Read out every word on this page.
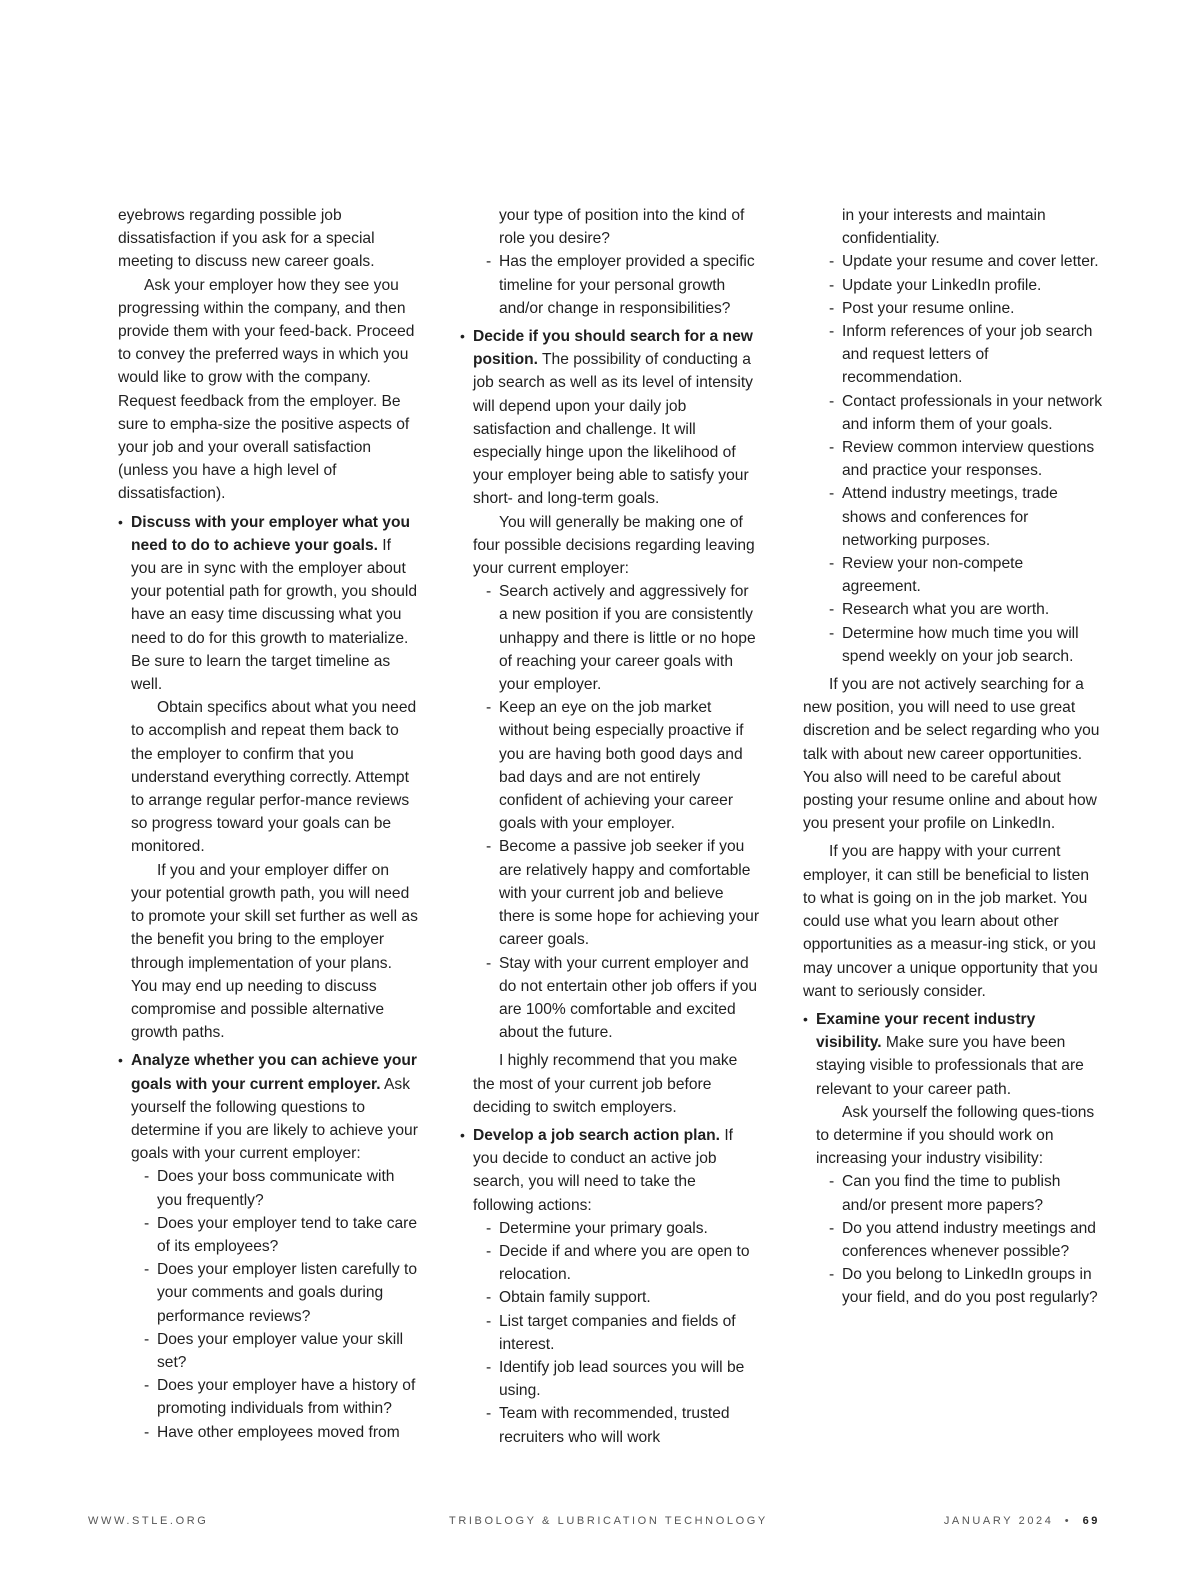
eyebrows regarding possible job dissatisfaction if you ask for a special meeting to discuss new career goals.

Ask your employer how they see you progressing within the company, and then provide them with your feed-back. Proceed to convey the preferred ways in which you would like to grow with the company. Request feedback from the employer. Be sure to empha-size the positive aspects of your job and your overall satisfaction (unless you have a high level of dissatisfaction).

• Discuss with your employer what you need to do to achieve your goals. If you are in sync with the employer about your potential path for growth, you should have an easy time discussing what you need to do for this growth to materialize. Be sure to learn the target timeline as well.

Obtain specifics about what you need to accomplish and repeat them back to the employer to confirm that you understand everything correctly. Attempt to arrange regular perfor-mance reviews so progress toward your goals can be monitored.

If you and your employer differ on your potential growth path, you will need to promote your skill set further as well as the benefit you bring to the employer through implementation of your plans. You may end up needing to discuss compromise and possible alternative growth paths.

• Analyze whether you can achieve your goals with your current employer. Ask yourself the following questions to determine if you are likely to achieve your goals with your current employer:
- Does your boss communicate with you frequently?
- Does your employer tend to take care of its employees?
- Does your employer listen carefully to your comments and goals during performance reviews?
- Does your employer value your skill set?
- Does your employer have a history of promoting individuals from within?
- Have other employees moved from
your type of position into the kind of role you desire?
- Has the employer provided a specific timeline for your personal growth and/or change in responsibilities?
• Decide if you should search for a new position. The possibility of conducting a job search as well as its level of intensity will depend upon your daily job satisfaction and challenge. It will especially hinge upon the likelihood of your employer being able to satisfy your short- and long-term goals.

You will generally be making one of four possible decisions regarding leaving your current employer:

- Search actively and aggressively for a new position if you are consistently unhappy and there is little or no hope of reaching your career goals with your employer.
- Keep an eye on the job market without being especially proactive if you are having both good days and bad days and are not entirely confident of achieving your career goals with your employer.
- Become a passive job seeker if you are relatively happy and comfortable with your current job and believe there is some hope for achieving your career goals.
- Stay with your current employer and do not entertain other job offers if you are 100% comfortable and excited about the future.

I highly recommend that you make the most of your current job before deciding to switch employers.

• Develop a job search action plan. If you decide to conduct an active job search, you will need to take the following actions:
- Determine your primary goals.
- Decide if and where you are open to relocation.
- Obtain family support.
- List target companies and fields of interest.
- Identify job lead sources you will be using.
- Team with recommended, trusted recruiters who will work
in your interests and maintain confidentiality.
- Update your resume and cover letter.
- Update your LinkedIn profile.
- Post your resume online.
- Inform references of your job search and request letters of recommendation.
- Contact professionals in your network and inform them of your goals.
- Review common interview questions and practice your responses.
- Attend industry meetings, trade shows and conferences for networking purposes.
- Review your non-compete agreement.
- Research what you are worth.
- Determine how much time you will spend weekly on your job search.

If you are not actively searching for a new position, you will need to use great discretion and be select regarding who you talk with about new career opportunities. You also will need to be careful about posting your resume online and about how you present your profile on LinkedIn.

If you are happy with your current employer, it can still be beneficial to listen to what is going on in the job market. You could use what you learn about other opportunities as a measur-ing stick, or you may uncover a unique opportunity that you want to seriously consider.

• Examine your recent industry visibility. Make sure you have been staying visible to professionals that are relevant to your career path.

Ask yourself the following ques-tions to determine if you should work on increasing your industry visibility:

- Can you find the time to publish and/or present more papers?
- Do you attend industry meetings and conferences whenever possible?
- Do you belong to LinkedIn groups in your field, and do you post regularly?
WWW.STLE.ORG	TRIBOLOGY & LUBRICATION TECHNOLOGY	JANUARY 2024 • 69
